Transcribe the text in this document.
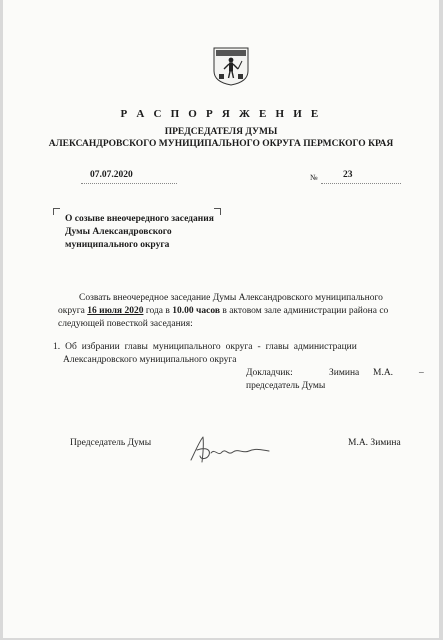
Р А С П О Р Я Ж Е Н И Е

ПРЕДСЕДАТЕЛЯ ДУМЫ

АЛЕКСАНДРОВСКОГО МУНИЦИПАЛЬНОГО ОКРУГА ПЕРМСКОГО КРАЯ

07.07.2020	№	23

О созыве внеочередного заседания

Думы Александровского

муниципального округа

Созвать внеочередное заседание Думы Александровского муниципального

округа 16 июля 2020 года в 10.00 часов в актовом зале администрации района со

следующей повесткой заседания:

1. Об избрании главы муниципального округа - главы администрации

Александровского муниципального округа

Докладчик:	Зимина М.А.	–

председатель Думы

Председатель Думы	М.А. Зимина
